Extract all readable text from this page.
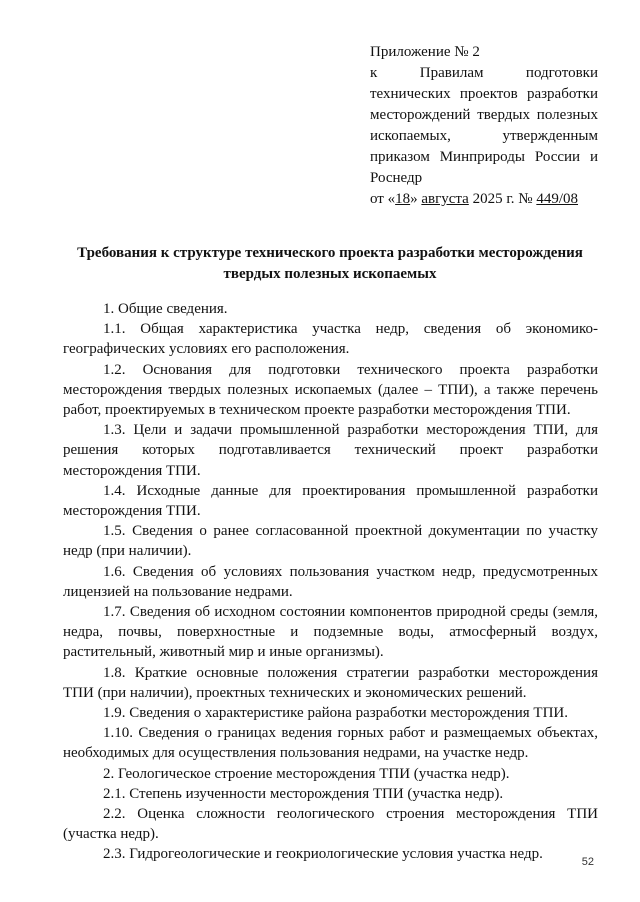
Приложение № 2
к Правилам подготовки
технических проектов разработки
месторождений твердых полезных
ископаемых, утвержденным
приказом Минприроды России и
Роснедр
от «18» августа 2025 г. № 449/08
Требования к структуре технического проекта разработки месторождения
твердых полезных ископаемых

1. Общие сведения.

1.1. Общая характеристика участка недр, сведения об экономико-географических условиях его расположения.

1.2. Основания для подготовки технического проекта разработки месторождения твердых полезных ископаемых (далее – ТПИ), а также перечень работ, проектируемых в техническом проекте разработки месторождения ТПИ.

1.3. Цели и задачи промышленной разработки месторождения ТПИ, для решения которых подготавливается технический проект разработки месторождения ТПИ.

1.4. Исходные данные для проектирования промышленной разработки месторождения ТПИ.

1.5. Сведения о ранее согласованной проектной документации по участку недр (при наличии).

1.6. Сведения об условиях пользования участком недр, предусмотренных лицензией на пользование недрами.

1.7. Сведения об исходном состоянии компонентов природной среды (земля, недра, почвы, поверхностные и подземные воды, атмосферный воздух, растительный, животный мир и иные организмы).

1.8. Краткие основные положения стратегии разработки месторождения ТПИ (при наличии), проектных технических и экономических решений.

1.9. Сведения о характеристике района разработки месторождения ТПИ.

1.10. Сведения о границах ведения горных работ и размещаемых объектах, необходимых для осуществления пользования недрами, на участке недр.

2. Геологическое строение месторождения ТПИ (участка недр).

2.1. Степень изученности месторождения ТПИ (участка недр).

2.2. Оценка сложности геологического строения месторождения ТПИ (участка недр).

2.3. Гидрогеологические и геокриологические условия участка недр.	52
